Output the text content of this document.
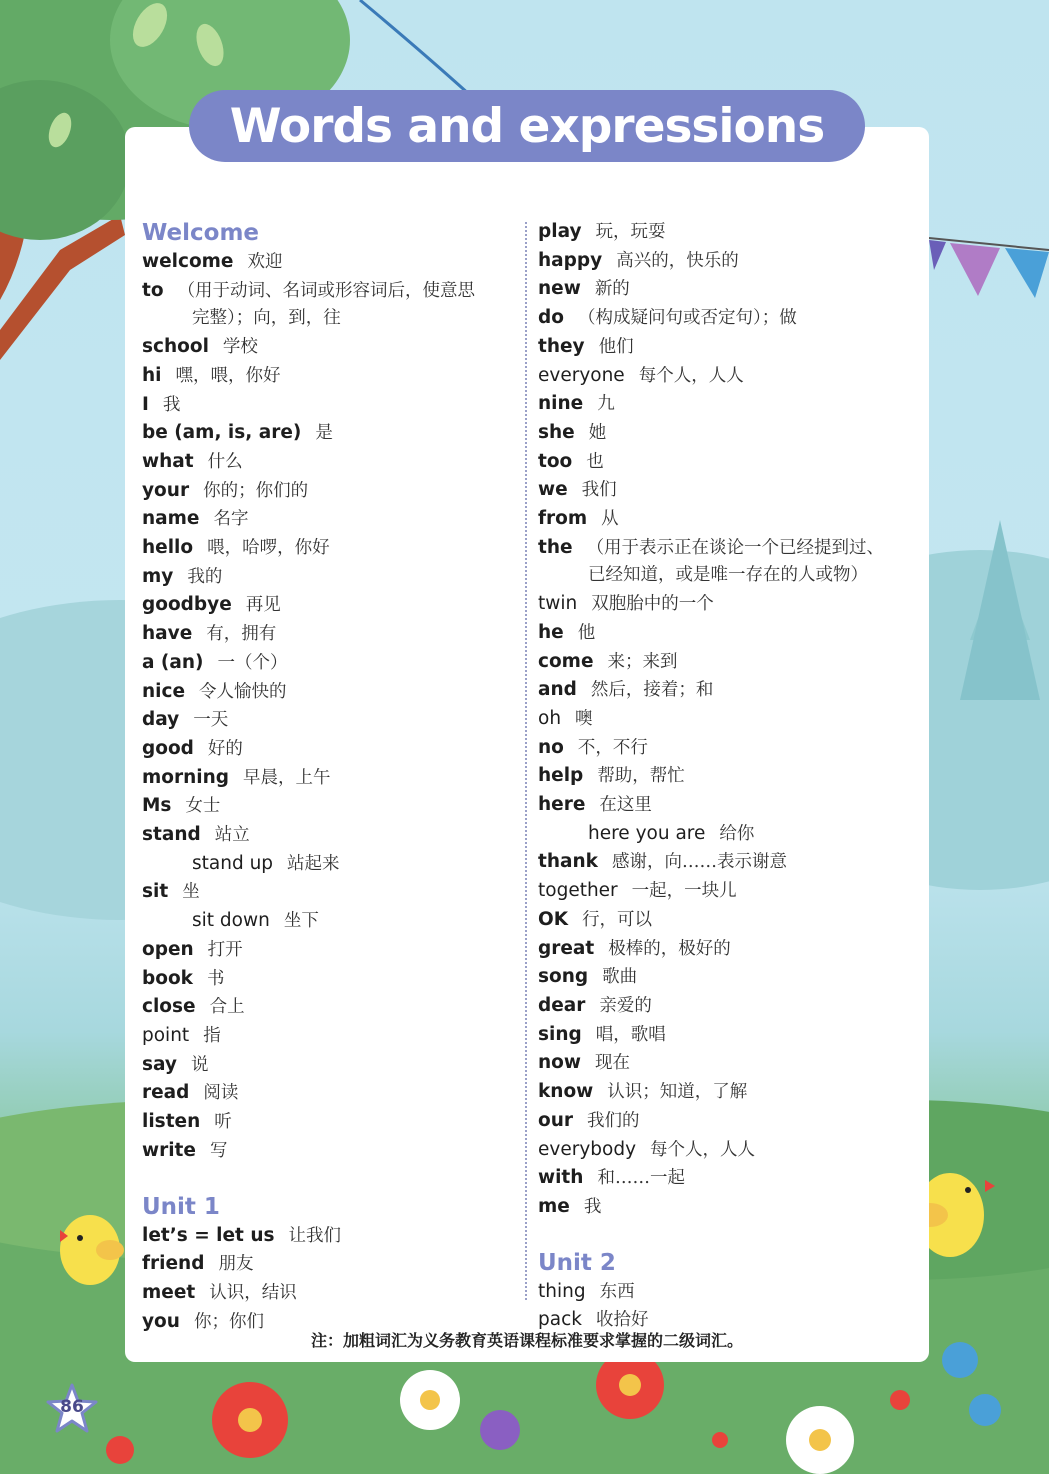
Words and expressions
Welcome
welcome 欢迎
to （用于动词、名词或形容词后，使意思
完整）；向，到，往
school 学校
hi 嘿，喂，你好
I 我
be (am, is, are) 是
what 什么
your 你的；你们的
name 名字
hello 喂，哈啰，你好
my 我的
goodbye 再见
have 有，拥有
a (an) 一（个）
nice 令人愉快的
day 一天
good 好的
morning 早晨，上午
Ms 女士
stand 站立
stand up 站起来
sit 坐
sit down 坐下
open 打开
book 书
close 合上
point 指
say 说
read 阅读
listen 听
write 写
Unit 1
let’s = let us 让我们
friend 朋友
meet 认识，结识
you 你；你们
play 玩，玩耍
happy 高兴的，快乐的
new 新的
do （构成疑问句或否定句）；做
they 他们
everyone 每个人，人人
nine 九
she 她
too 也
we 我们
from 从
the （用于表示正在谈论一个已经提到过、
已经知道，或是唯一存在的人或物）
twin 双胞胎中的一个
he 他
come 来；来到
and 然后，接着；和
oh 噢
no 不，不行
help 帮助，帮忙
here 在这里
here you are 给你
thank 感谢，向……表示谢意
together 一起，一块儿
OK 行，可以
great 极棒的，极好的
song 歌曲
dear 亲爱的
sing 唱，歌唱
now 现在
know 认识；知道，了解
our 我们的
everybody 每个人，人人
with 和……一起
me 我
Unit 2
thing 东西
pack 收拾好
注：加粗词汇为义务教育英语课程标准要求掌握的二级词汇。
86
